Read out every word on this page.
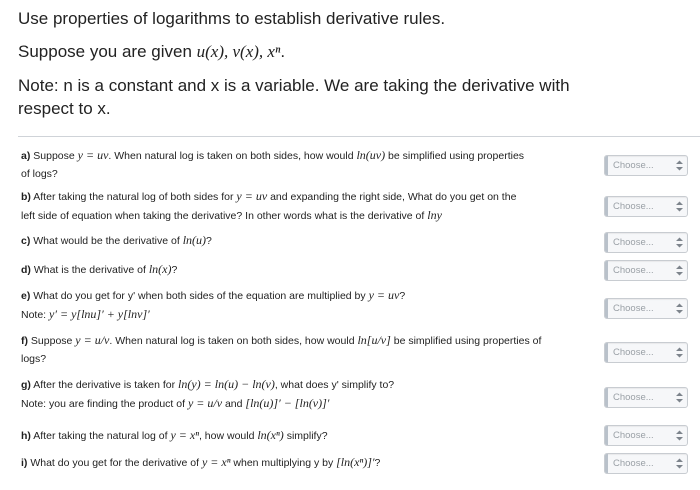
Use properties of logarithms to establish derivative rules.
Suppose you are given u(x), v(x), xⁿ.
Note: n is a constant and x is a variable. We are taking the derivative with
respect to x.
a) Suppose y = uv. When natural log is taken on both sides, how would ln(uv) be simplified using properties
of logs?
b) After taking the natural log of both sides for y = uv and expanding the right side, What do you get on the
left side of equation when taking the derivative? In other words what is the derivative of lny
c) What would be the derivative of ln(u)?
d) What is the derivative of ln(x)?
e) What do you get for y' when both sides of the equation are multiplied by y = uv?
Note: y′ = y[lnu]′ + y[lnv]′
f) Suppose y = u/v. When natural log is taken on both sides, how would ln[u/v] be simplified using properties of
logs?
g) After the derivative is taken for ln(y) = ln(u) − ln(v), what does y' simplify to?
Note: you are finding the product of y = u/v and [ln(u)]′ − [ln(v)]′
h) After taking the natural log of y = xⁿ, how would ln(xⁿ) simplify?
i) What do you get for the derivative of y = xⁿ when multiplying y by [ln(xⁿ)]′?
Choose...
Choose...
Choose...
Choose...
Choose...
Choose...
Choose...
Choose...
Choose...
